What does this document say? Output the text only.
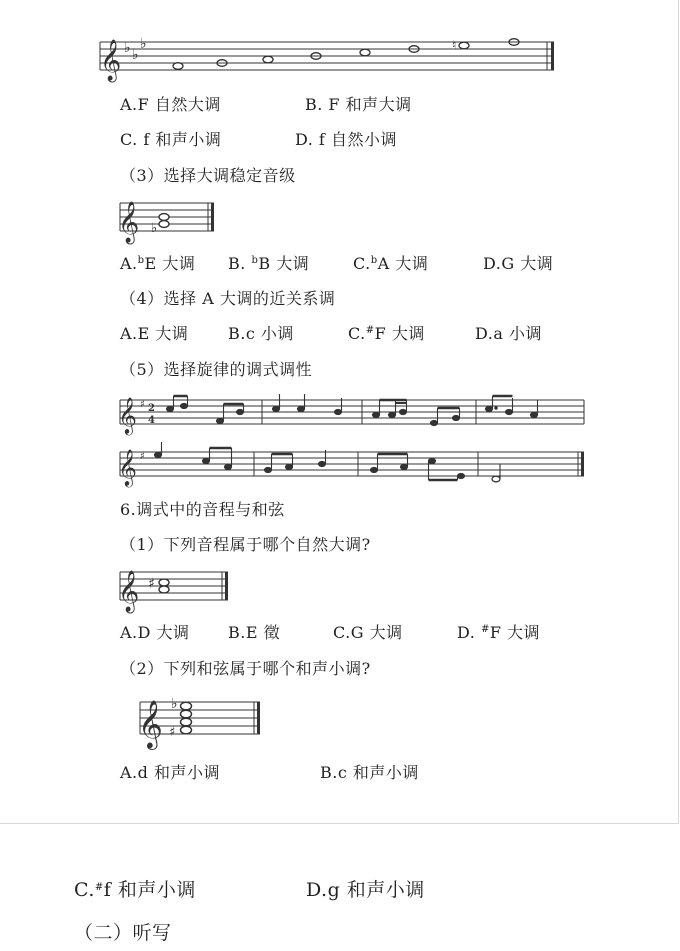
𝄞 ♭ ♭
♭	♮
A.F 自然大调	B. F 和声大调
C. f 和声小调	D. f 自然小调
（3）选择大调稳定音级
𝄞 ♭
A.$^b$E 大调 B. $^b$B 大调	C.$^b$A 大调	D.G 大调
（4）选择 A 大调的近关系调
A.E 大调 B.c 小调	C.#F 大调	D.a 小调
（5）选择旋律的调式调性
𝄞 ♯ 2
4
𝄞 ♯
6.调式中的音程与和弦
（1）下列音程属于哪个自然大调?
𝄞 ♯
A.D 大调 B.E 徵	C.G 大调	D. #F 大调
（2）下列和弦属于哪个和声小调?
𝄞 ♭
♯
A.d 和声小调	B.c 和声小调
C.#f 和声小调	D.g 和声小调
（二）听写
